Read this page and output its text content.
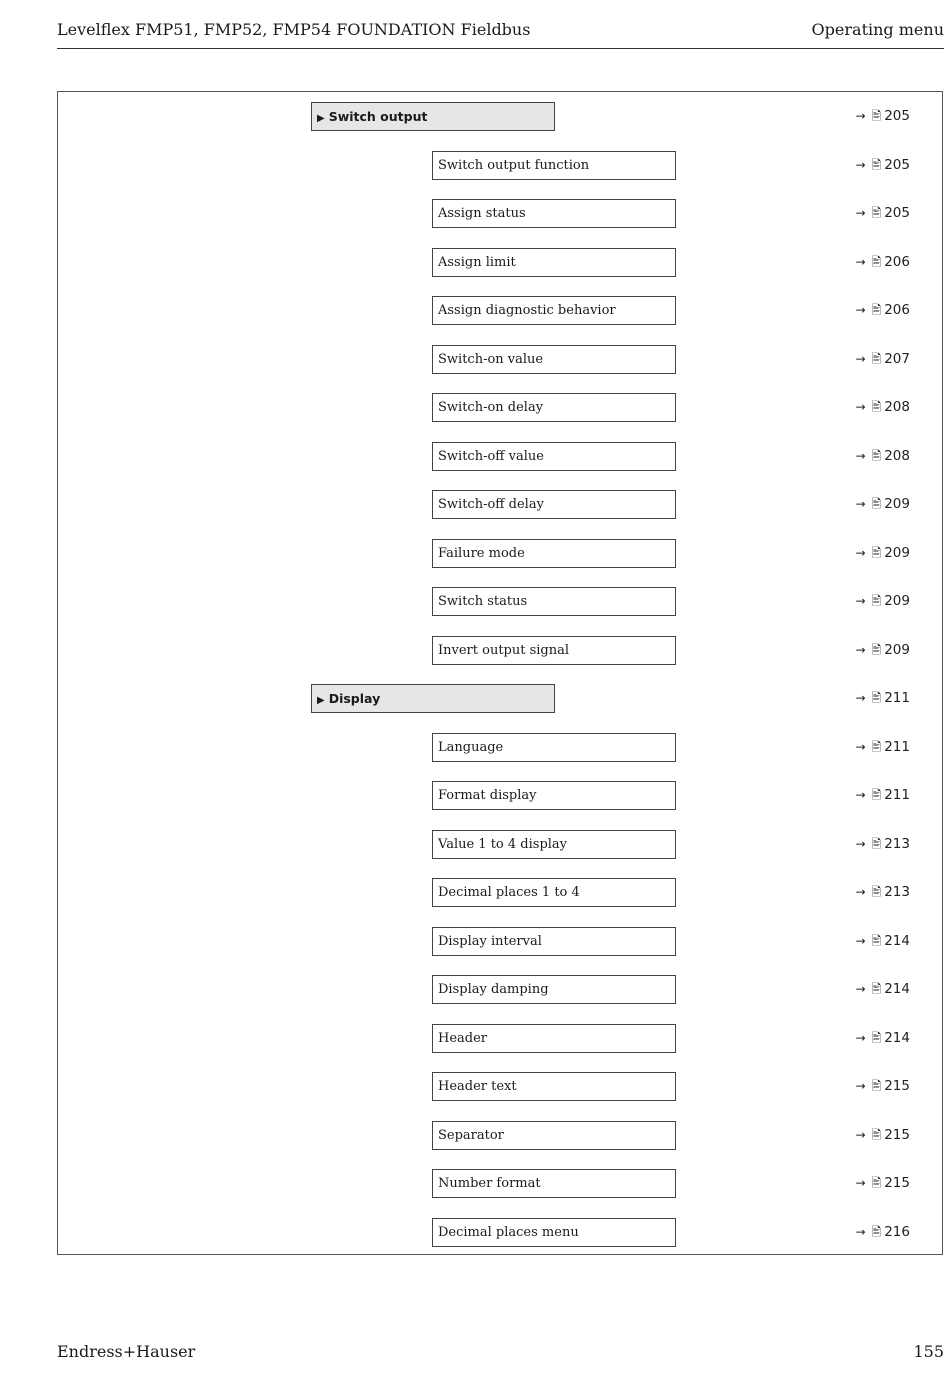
Levelflex FMP51, FMP52, FMP54 FOUNDATION Fieldbus	Operating menu
▶ Switch output	→ 🖹 205
Switch output function	→ 🖹 205
Assign status	→ 🖹 205
Assign limit	→ 🖹 206
Assign diagnostic behavior	→ 🖹 206
Switch-on value	→ 🖹 207
Switch-on delay	→ 🖹 208
Switch-off value	→ 🖹 208
Switch-off delay	→ 🖹 209
Failure mode	→ 🖹 209
Switch status	→ 🖹 209
Invert output signal	→ 🖹 209
▶ Display	→ 🖹 211
Language	→ 🖹 211
Format display	→ 🖹 211
Value 1 to 4 display	→ 🖹 213
Decimal places 1 to 4	→ 🖹 213
Display interval	→ 🖹 214
Display damping	→ 🖹 214
Header	→ 🖹 214
Header text	→ 🖹 215
Separator	→ 🖹 215
Number format	→ 🖹 215
Decimal places menu	→ 🖹 216
Endress+Hauser	155
